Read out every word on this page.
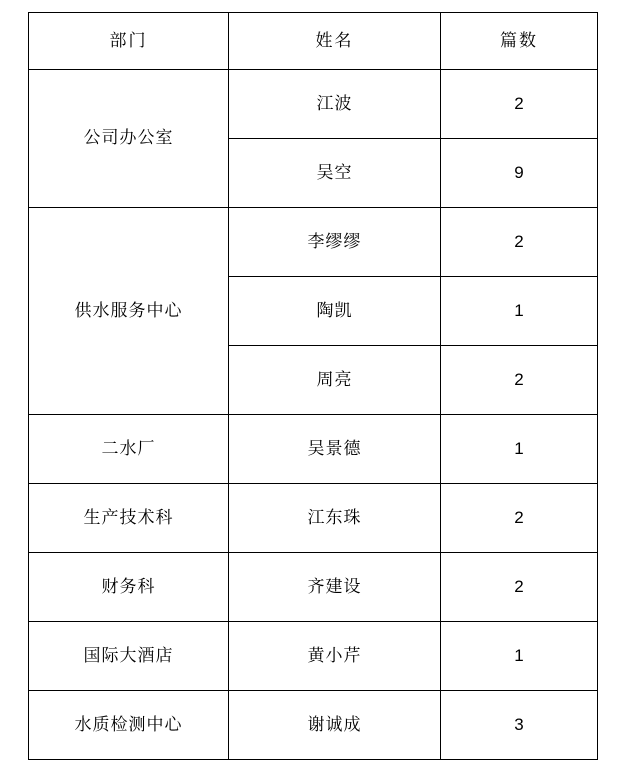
部门	姓名	篇数
公司办公室	江波	2
	吴空	9
供水服务中心	李缪缪	2
	陶凯	1
	周亮	2
二水厂	吴景德	1
生产技术科	江东珠	2
财务科	齐建设	2
国际大酒店	黄小芹	1
水质检测中心	谢诚成	3
